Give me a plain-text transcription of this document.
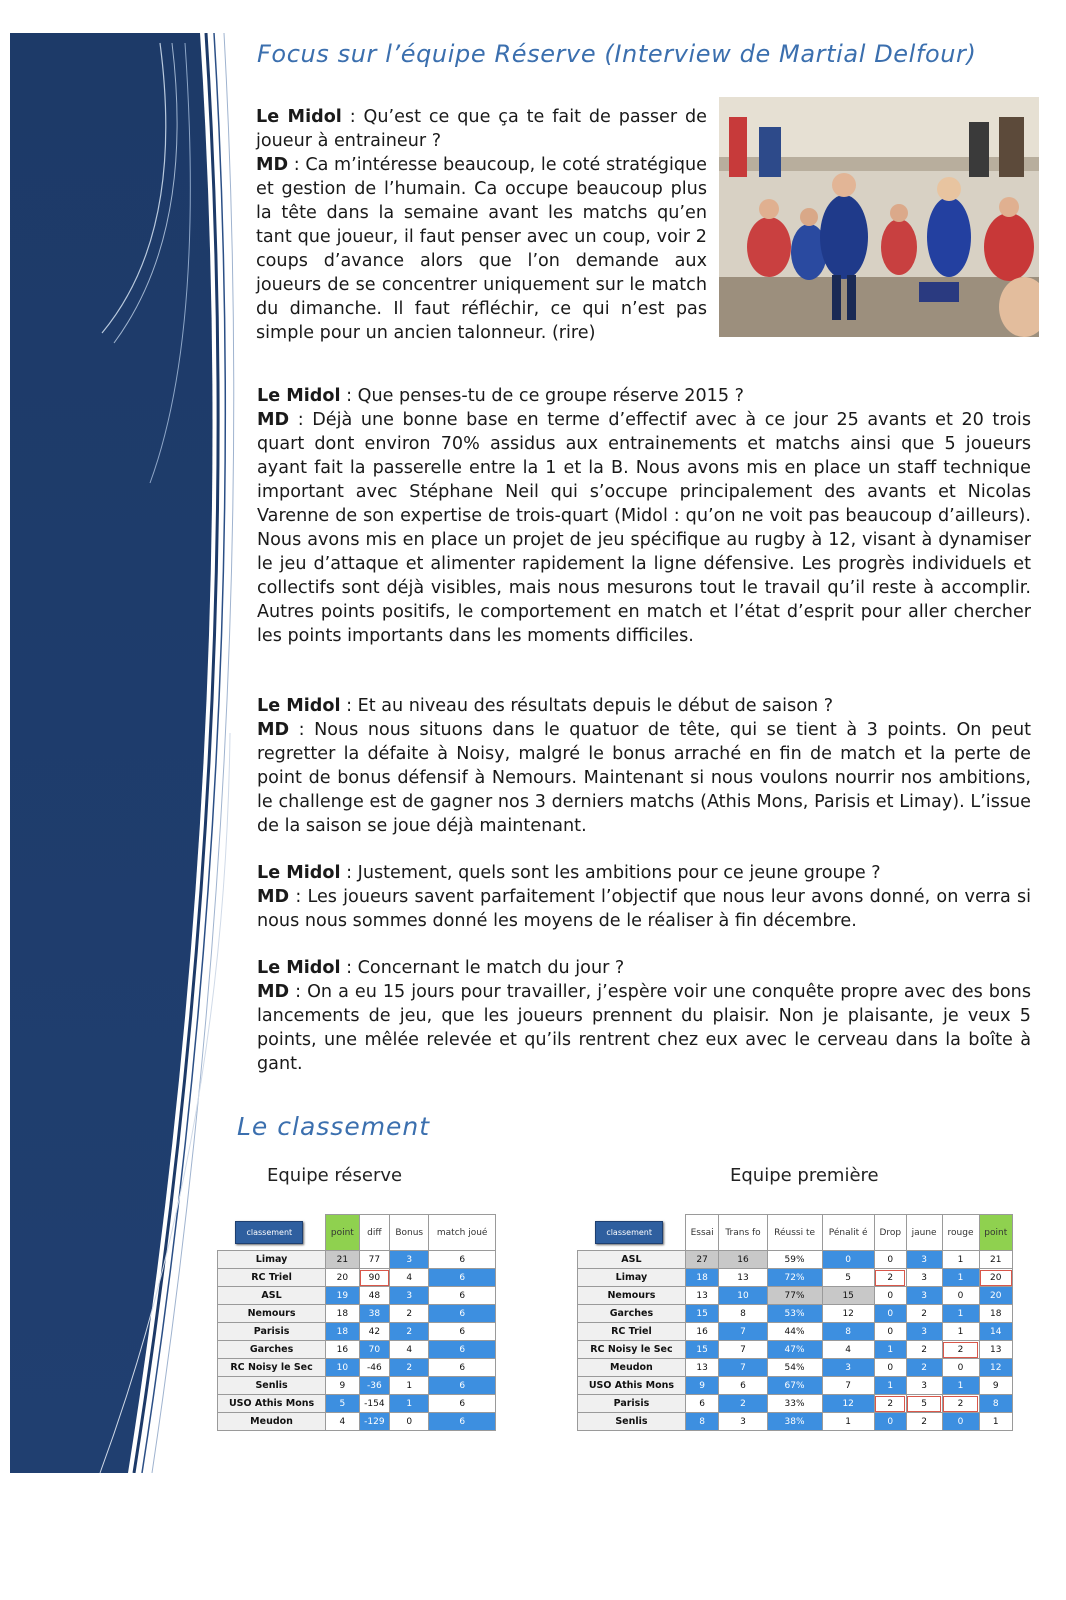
Focus sur l’équipe Réserve (Interview de Martial Delfour)

Le Midol : Qu’est ce que ça te fait de passer de joueur à entraineur ?

MD : Ca m’intéresse beaucoup, le coté stratégique et gestion de l’humain. Ca occupe beaucoup plus la tête dans la semaine avant les matchs qu’en tant que joueur, il faut penser avec un coup, voir 2 coups d’avance alors que l’on demande aux joueurs de se concentrer uniquement sur le match du dimanche. Il faut réfléchir, ce qui n’est pas simple pour un ancien talonneur. (rire)

Le Midol : Que penses-tu de ce groupe réserve 2015 ?

MD : Déjà une bonne base en terme d’effectif avec à ce jour 25 avants et 20 trois quart dont environ 70% assidus aux entrainements et matchs ainsi que 5 joueurs ayant fait la passerelle entre la 1 et la B. Nous avons mis en place un staff technique important avec Stéphane Neil qui s’occupe principalement des avants et Nicolas Varenne de son expertise de trois-quart (Midol : qu’on ne voit pas beaucoup d’ailleurs). Nous avons mis en place un projet de jeu spécifique au rugby à 12, visant à dynamiser le jeu d’attaque et alimenter rapidement la ligne défensive. Les progrès individuels et collectifs sont déjà visibles, mais nous mesurons tout le travail qu’il reste à accomplir. Autres points positifs, le comportement en match et l’état d’esprit pour aller chercher les points importants dans les moments difficiles.

Le Midol : Et au niveau des résultats depuis le début de saison ?

MD : Nous nous situons dans le quatuor de tête, qui se tient à 3 points. On peut regretter la défaite à Noisy, malgré le bonus arraché en fin de match et la perte de point de bonus défensif à Nemours. Maintenant si nous voulons nourrir nos ambitions, le challenge est de gagner nos 3 derniers matchs (Athis Mons, Parisis et Limay). L’issue de la saison se joue déjà maintenant.

Le Midol : Justement, quels sont les ambitions pour ce jeune groupe ?

MD : Les joueurs savent parfaitement l’objectif que nous leur avons donné, on verra si nous nous sommes donné les moyens de le réaliser à fin décembre.

Le Midol : Concernant le match du jour ?

MD : On a eu 15 jours pour travailler, j’espère voir une conquête propre avec des bons lancements de jeu, que les joueurs prennent du plaisir. Non je plaisante, je veux 5 points, une mêlée relevée et qu’ils rentrent chez eux avec le cerveau dans la boîte à gant.

Le classement
Equipe réserve	Equipe première
classement	point	diff	Bonus	match joué
Limay	21	77	3	6
RC Triel	20	90	4	6
ASL	19	48	3	6
Nemours	18	38	2	6
Parisis	18	42	2	6
Garches	16	70	4	6
RC Noisy le Sec	10	-46	2	6
Senlis	9	-36	1	6
USO Athis Mons	5	-154	1	6
Meudon	4	-129	0	6
classement	Essai	Trans fo	Réussi te	Pénalit é	Drop	jaune	rouge	point
ASL	27	16	59%	0	0	3	1	21
Limay	18	13	72%	5	2	3	1	20
Nemours	13	10	77%	15	0	3	0	20
Garches	15	8	53%	12	0	2	1	18
RC Triel	16	7	44%	8	0	3	1	14
RC Noisy le Sec	15	7	47%	4	1	2	2	13
Meudon	13	7	54%	3	0	2	0	12
USO Athis Mons	9	6	67%	7	1	3	1	9
Parisis	6	2	33%	12	2	5	2	8
Senlis	8	3	38%	1	0	2	0	1
